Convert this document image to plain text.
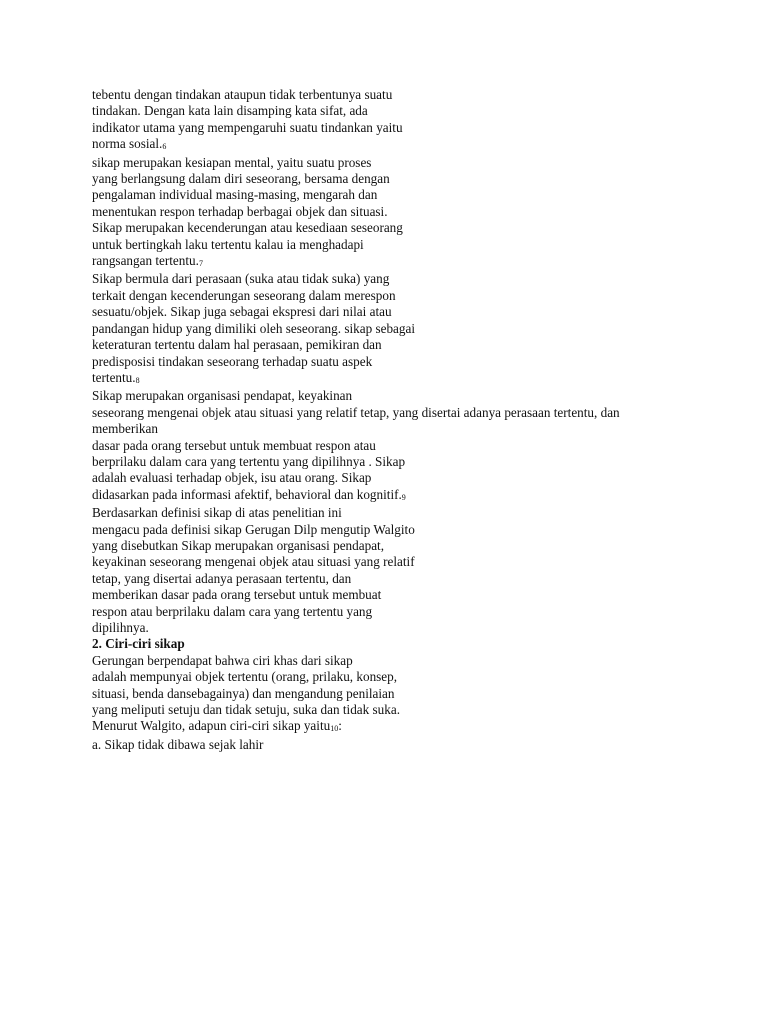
tebentu dengan tindakan ataupun tidak terbentunya suatu
tindakan. Dengan kata lain disamping kata sifat, ada
indikator utama yang mempengaruhi suatu tindankan yaitu
norma sosial.6
sikap merupakan kesiapan mental, yaitu suatu proses
yang berlangsung dalam diri seseorang, bersama dengan
pengalaman individual masing-masing, mengarah dan
menentukan respon terhadap berbagai objek dan situasi.
Sikap merupakan kecenderungan atau kesediaan seseorang
untuk bertingkah laku tertentu kalau ia menghadapi
rangsangan tertentu.7
Sikap bermula dari perasaan (suka atau tidak suka) yang
terkait dengan kecenderungan seseorang dalam merespon
sesuatu/objek. Sikap juga sebagai ekspresi dari nilai atau
pandangan hidup yang dimiliki oleh seseorang. sikap sebagai
keteraturan tertentu dalam hal perasaan, pemikiran dan
predisposisi tindakan seseorang terhadap suatu aspek
tertentu.8
Sikap merupakan organisasi pendapat, keyakinan
seseorang mengenai objek atau situasi yang relatif tetap, yang disertai adanya perasaan tertentu, dan
memberikan
dasar pada orang tersebut untuk membuat respon atau
berprilaku dalam cara yang tertentu yang dipilihnya . Sikap
adalah evaluasi terhadap objek, isu atau orang. Sikap
didasarkan pada informasi afektif, behavioral dan kognitif.9
Berdasarkan definisi sikap di atas penelitian ini
mengacu pada definisi sikap Gerugan Dilp mengutip Walgito
yang disebutkan Sikap merupakan organisasi pendapat,
keyakinan seseorang mengenai objek atau situasi yang relatif
tetap, yang disertai adanya perasaan tertentu, dan
memberikan dasar pada orang tersebut untuk membuat
respon atau berprilaku dalam cara yang tertentu yang
dipilihnya.
2. Ciri-ciri sikap
Gerungan berpendapat bahwa ciri khas dari sikap
adalah mempunyai objek tertentu (orang, prilaku, konsep,
situasi, benda dansebagainya) dan mengandung penilaian
yang meliputi setuju dan tidak setuju, suka dan tidak suka.
Menurut Walgito, adapun ciri-ciri sikap yaitu10:
a. Sikap tidak dibawa sejak lahir
